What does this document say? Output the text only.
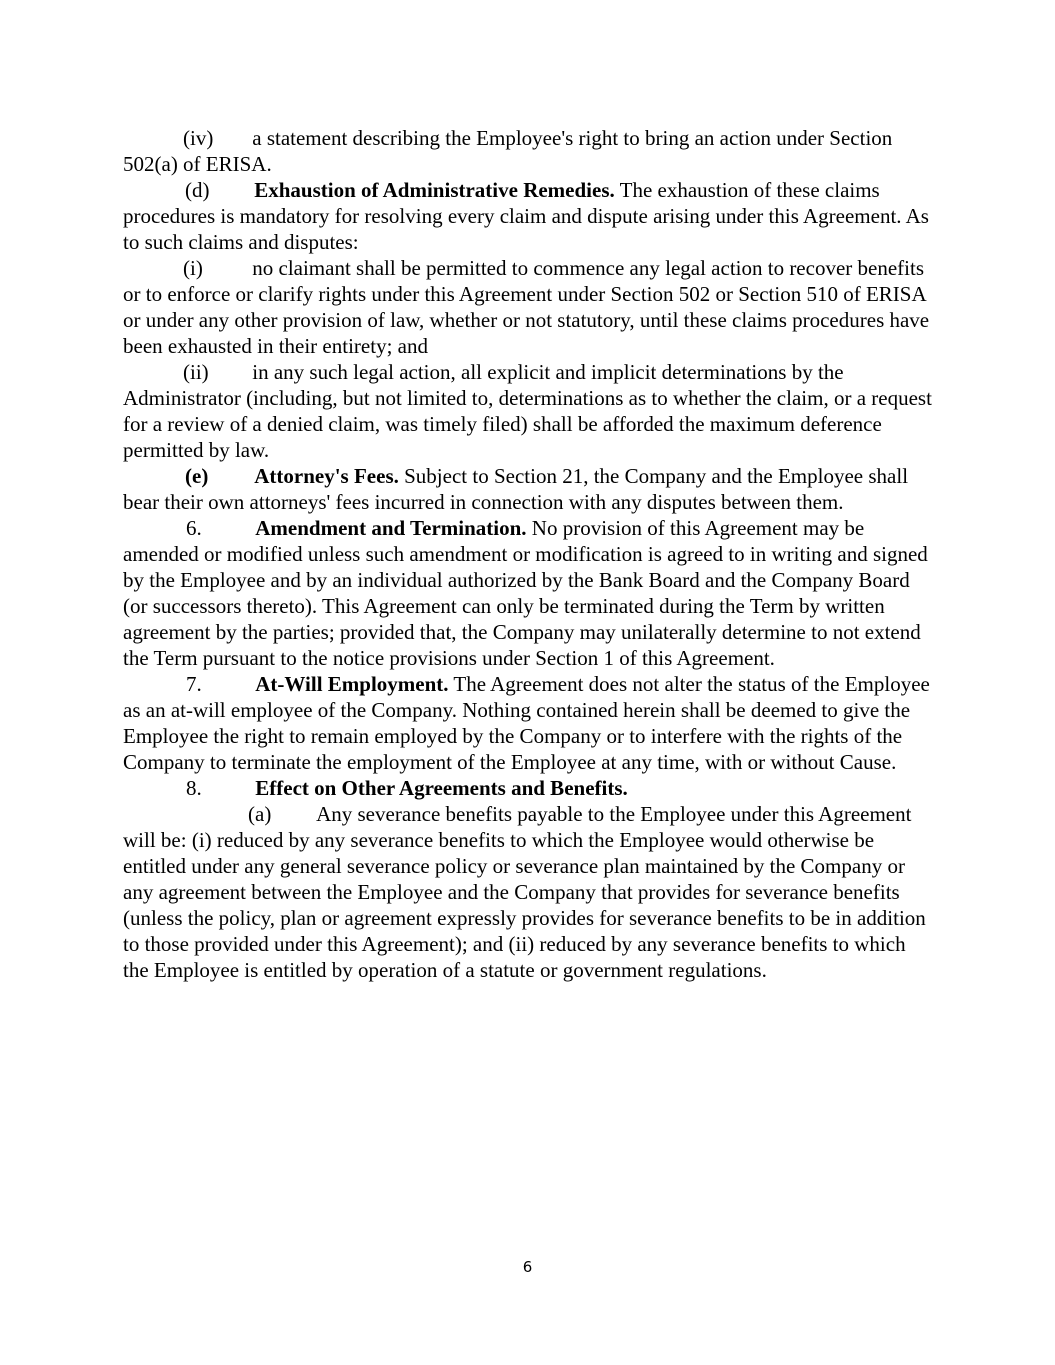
(iv) a statement describing the Employee's right to bring an action under Section 502(a) of ERISA.

(d) Exhaustion of Administrative Remedies. The exhaustion of these claims procedures is mandatory for resolving every claim and dispute arising under this Agreement. As to such claims and disputes:

(i) no claimant shall be permitted to commence any legal action to recover benefits or to enforce or clarify rights under this Agreement under Section 502 or Section 510 of ERISA or under any other provision of law, whether or not statutory, until these claims procedures have been exhausted in their entirety; and

(ii) in any such legal action, all explicit and implicit determinations by the Administrator (including, but not limited to, determinations as to whether the claim, or a request for a review of a denied claim, was timely filed) shall be afforded the maximum deference permitted by law.

(e) Attorney's Fees. Subject to Section 21, the Company and the Employee shall bear their own attorneys' fees incurred in connection with any disputes between them.

6.	Amendment and Termination. No provision of this Agreement may be amended or modified unless such amendment or modification is agreed to in writing and signed by the Employee and by an individual authorized by the Bank Board and the Company Board (or successors thereto). This Agreement can only be terminated during the Term by written agreement by the parties; provided that, the Company may unilaterally determine to not extend the Term pursuant to the notice provisions under Section 1 of this Agreement.

7.	At-Will Employment. The Agreement does not alter the status of the Employee as an at-will employee of the Company. Nothing contained herein shall be deemed to give the Employee the right to remain employed by the Company or to interfere with the rights of the Company to terminate the employment of the Employee at any time, with or without Cause.

8.	Effect on Other Agreements and Benefits.

(a) Any severance benefits payable to the Employee under this Agreement will be: (i) reduced by any severance benefits to which the Employee would otherwise be entitled under any general severance policy or severance plan maintained by the Company or any agreement between the Employee and the Company that provides for severance benefits (unless the policy, plan or agreement expressly provides for severance benefits to be in addition to those provided under this Agreement); and (ii) reduced by any severance benefits to which the Employee is entitled by operation of a statute or government regulations.

6
